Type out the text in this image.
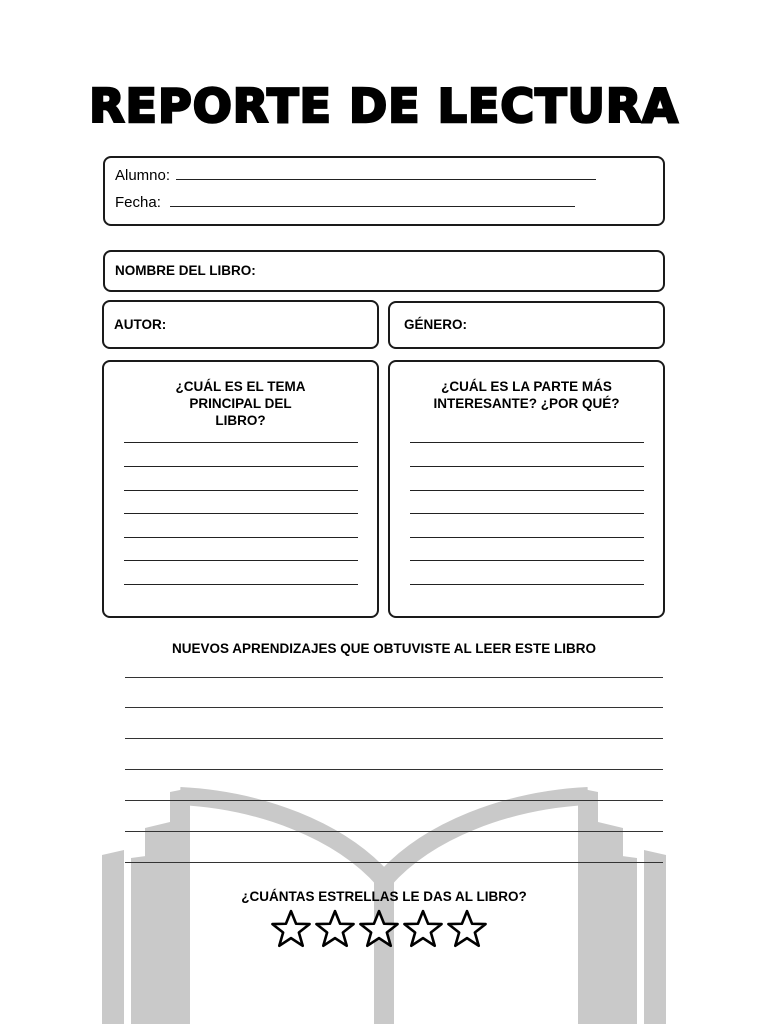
REPORTE DE LECTURA
Alumno:
Fecha:
NOMBRE DEL LIBRO:
AUTOR:	GÉNERO:
¿CUÁL ES EL TEMA PRINCIPAL DEL LIBRO?
¿CUÁL ES LA PARTE MÁS INTERESANTE? ¿POR QUÉ?
NUEVOS APRENDIZAJES QUE OBTUVISTE AL LEER ESTE LIBRO
¿CUÁNTAS ESTRELLAS LE DAS AL LIBRO?
